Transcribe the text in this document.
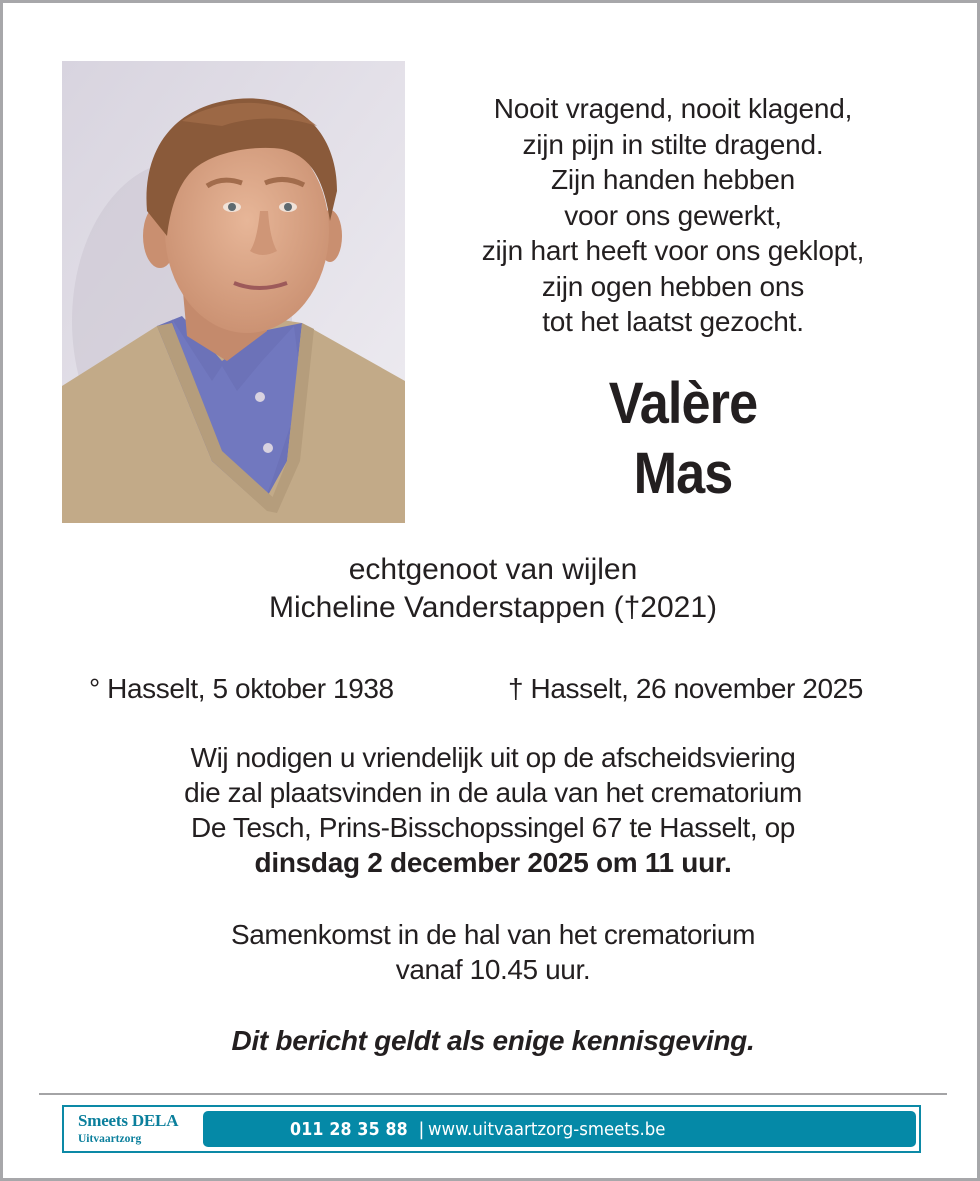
Nooit vragend, nooit klagend,
zijn pijn in stilte dragend.
Zijn handen hebben
voor ons gewerkt,
zijn hart heeft voor ons geklopt,
zijn ogen hebben ons
tot het laatst gezocht.
Valère
Mas
echtgenoot van wijlen
Micheline Vanderstappen (†2021)
° Hasselt, 5 oktober 1938	† Hasselt, 26 november 2025
Wij nodigen u vriendelijk uit op de afscheidsviering
die zal plaatsvinden in de aula van het crematorium
De Tesch, Prins-Bisschopssingel 67 te Hasselt, op
dinsdag 2 december 2025 om 11 uur.
Samenkomst in de hal van het crematorium
vanaf 10.45 uur.
Dit bericht geldt als enige kennisgeving.
Smeets DELA
Uitvaartzorg	011 28 35 88 | www.uitvaartzorg-smeets.be
